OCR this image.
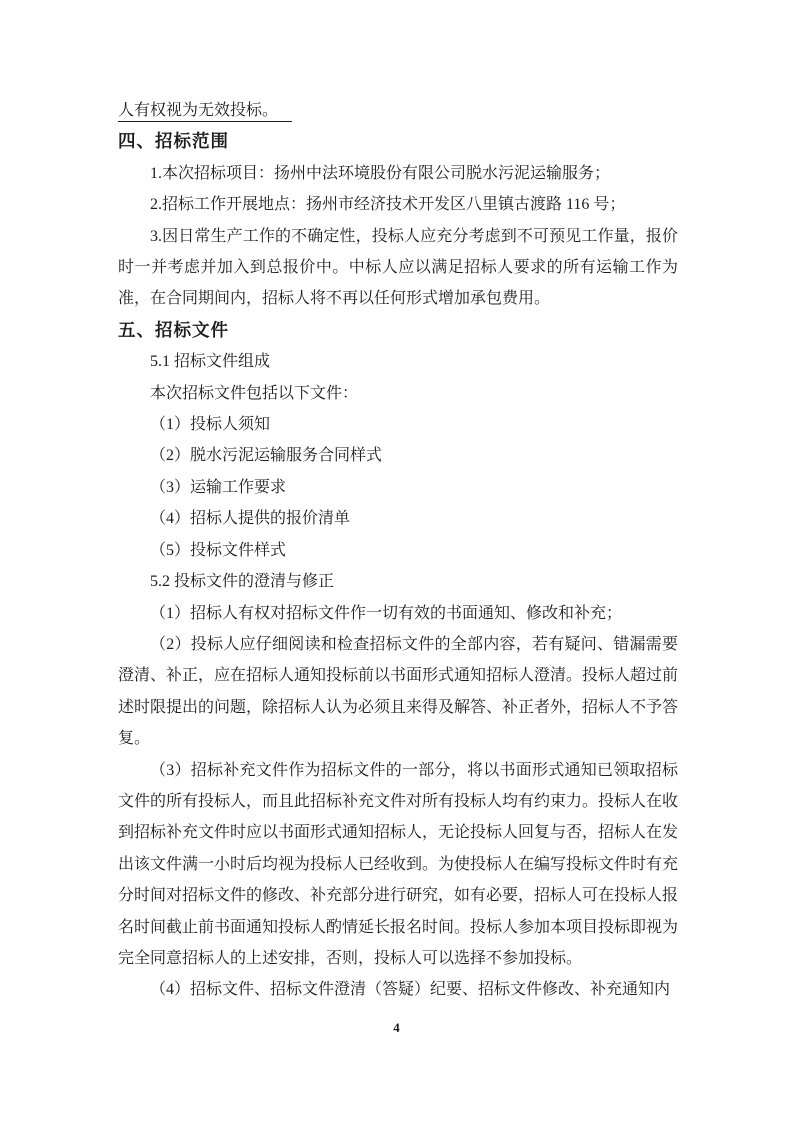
人有权视为无效投标。

四、招标范围

1.本次招标项目：扬州中法环境股份有限公司脱水污泥运输服务；

2.招标工作开展地点：扬州市经济技术开发区八里镇古渡路 116 号；

3.因日常生产工作的不确定性，投标人应充分考虑到不可预见工作量，报价时一并考虑并加入到总报价中。中标人应以满足招标人要求的所有运输工作为准，在合同期间内，招标人将不再以任何形式增加承包费用。

五、招标文件

5.1 招标文件组成

本次招标文件包括以下文件：

（1）投标人须知

（2）脱水污泥运输服务合同样式

（3）运输工作要求

（4）招标人提供的报价清单

（5）投标文件样式

5.2 投标文件的澄清与修正

（1）招标人有权对招标文件作一切有效的书面通知、修改和补充；

（2）投标人应仔细阅读和检查招标文件的全部内容，若有疑问、错漏需要澄清、补正，应在招标人通知投标前以书面形式通知招标人澄清。投标人超过前述时限提出的问题，除招标人认为必须且来得及解答、补正者外，招标人不予答复。

（3）招标补充文件作为招标文件的一部分，将以书面形式通知已领取招标文件的所有投标人，而且此招标补充文件对所有投标人均有约束力。投标人在收到招标补充文件时应以书面形式通知招标人，无论投标人回复与否，招标人在发出该文件满一小时后均视为投标人已经收到。为使投标人在编写投标文件时有充分时间对招标文件的修改、补充部分进行研究，如有必要，招标人可在投标人报名时间截止前书面通知投标人酌情延长报名时间。投标人参加本项目投标即视为完全同意招标人的上述安排，否则，投标人可以选择不参加投标。

（4）招标文件、招标文件澄清（答疑）纪要、招标文件修改、补充通知内

4
